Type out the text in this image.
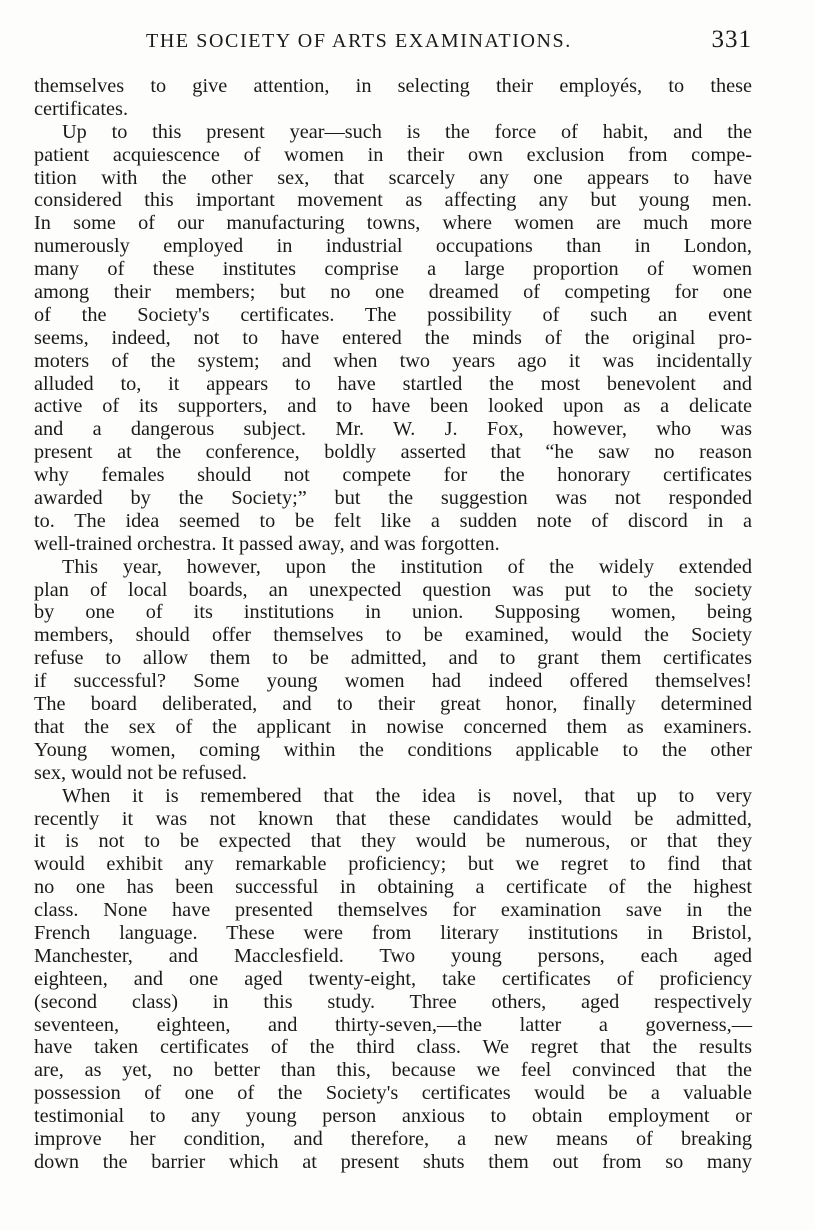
THE SOCIETY OF ARTS EXAMINATIONS.	331
themselves to give attention, in selecting their employés, to these
certificates.
Up to this present year—such is the force of habit, and the
patient acquiescence of women in their own exclusion from compe-
tition with the other sex, that scarcely any one appears to have
considered this important movement as affecting any but young men.
In some of our manufacturing towns, where women are much more
numerously employed in industrial occupations than in London,
many of these institutes comprise a large proportion of women
among their members; but no one dreamed of competing for one
of the Society's certificates. The possibility of such an event
seems, indeed, not to have entered the minds of the original pro-
moters of the system; and when two years ago it was incidentally
alluded to, it appears to have startled the most benevolent and
active of its supporters, and to have been looked upon as a delicate
and a dangerous subject. Mr. W. J. Fox, however, who was
present at the conference, boldly asserted that “he saw no reason
why females should not compete for the honorary certificates
awarded by the Society;” but the suggestion was not responded
to. The idea seemed to be felt like a sudden note of discord in a
well-trained orchestra. It passed away, and was forgotten.
This year, however, upon the institution of the widely extended
plan of local boards, an unexpected question was put to the society
by one of its institutions in union. Supposing women, being
members, should offer themselves to be examined, would the Society
refuse to allow them to be admitted, and to grant them certificates
if successful? Some young women had indeed offered themselves!
The board deliberated, and to their great honor, finally determined
that the sex of the applicant in nowise concerned them as examiners.
Young women, coming within the conditions applicable to the other
sex, would not be refused.
When it is remembered that the idea is novel, that up to very
recently it was not known that these candidates would be admitted,
it is not to be expected that they would be numerous, or that they
would exhibit any remarkable proficiency; but we regret to find that
no one has been successful in obtaining a certificate of the highest
class. None have presented themselves for examination save in the
French language. These were from literary institutions in Bristol,
Manchester, and Macclesfield. Two young persons, each aged
eighteen, and one aged twenty-eight, take certificates of proficiency
(second class) in this study. Three others, aged respectively
seventeen, eighteen, and thirty-seven,—the latter a governess,—
have taken certificates of the third class. We regret that the results
are, as yet, no better than this, because we feel convinced that the
possession of one of the Society's certificates would be a valuable
testimonial to any young person anxious to obtain employment or
improve her condition, and therefore, a new means of breaking
down the barrier which at present shuts them out from so many
